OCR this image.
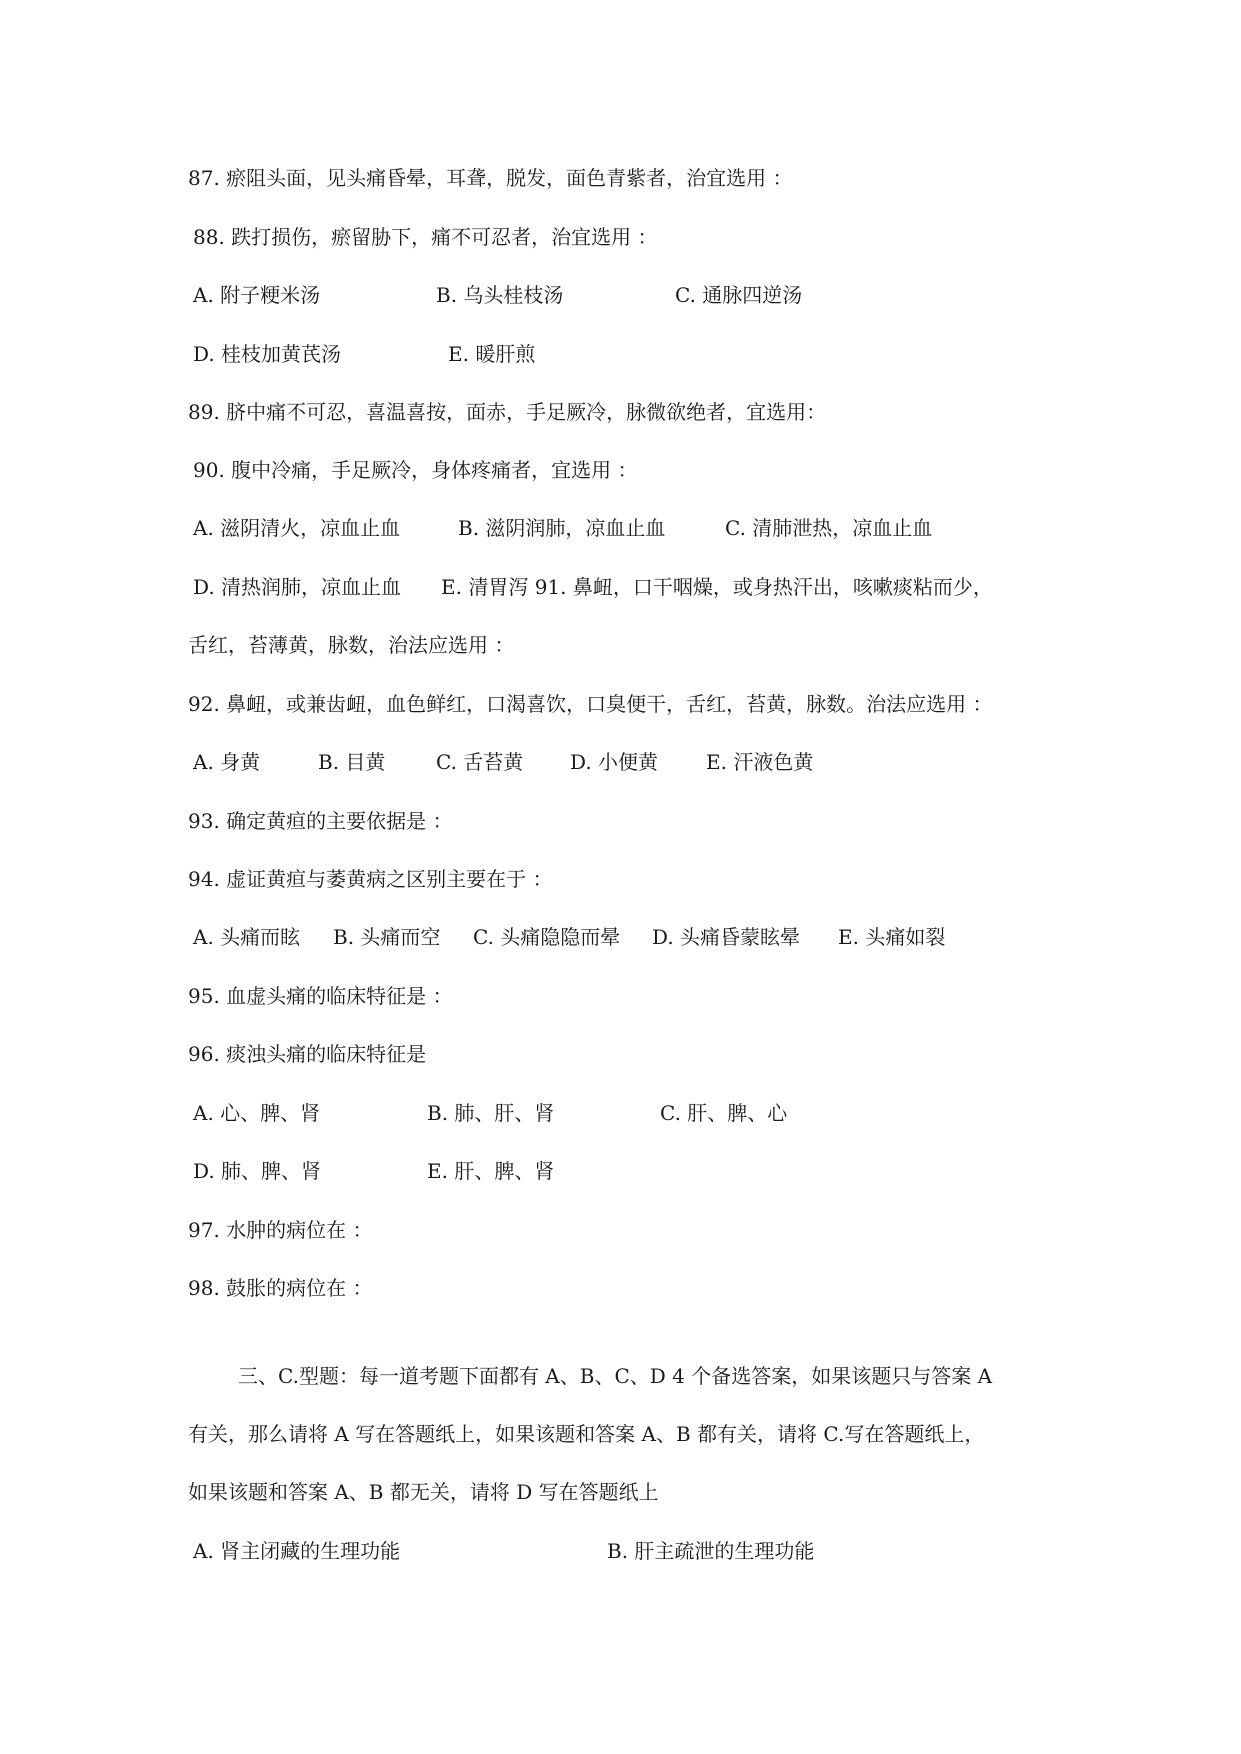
87. 瘀阻头面，见头痛昏晕，耳聋，脱发，面色青紫者，治宜选用 ：
88. 跌打损伤，瘀留胁下，痛不可忍者，治宜选用 ：
A. 附子粳米汤	B. 乌头桂枝汤	C. 通脉四逆汤
D. 桂枝加黄芪汤	E. 暖肝煎
89. 脐中痛不可忍，喜温喜按，面赤，手足厥冷，脉微欲绝者，宜选用：
90. 腹中冷痛，手足厥冷，身体疼痛者，宜选用 ：
A. 滋阴清火，凉血止血	B. 滋阴润肺，凉血止血	C. 清肺泄热，凉血止血
D. 清热润肺，凉血止血　　E. 清胃泻 91. 鼻衄，口干咽燥，或身热汗出，咳嗽痰粘而少，
舌红，苔薄黄，脉数，治法应选用 ：
92. 鼻衄，或兼齿衄，血色鲜红，口渴喜饮，口臭便干，舌红，苔黄，脉数。治法应选用 ：
A. 身黄	B. 目黄	C. 舌苔黄 D. 小便黄 E. 汗液色黄
93. 确定黄疸的主要依据是 ：
94. 虚证黄疸与萎黄病之区别主要在于 ：
A. 头痛而眩 B. 头痛而空 C. 头痛隐隐而晕 D. 头痛昏蒙眩晕 E. 头痛如裂
95. 血虚头痛的临床特征是 ：
96. 痰浊头痛的临床特征是
A. 心、脾、肾	B. 肺、肝、肾	C. 肝、脾、心
D. 肺、脾、肾	E. 肝、脾、肾
97. 水肿的病位在 ：
98. 鼓胀的病位在 ：
三、C.型题：每一道考题下面都有 A、B、C、D 4 个备选答案，如果该题只与答案 A
有关，那么请将 A 写在答题纸上，如果该题和答案 A、B 都有关，请将 C.写在答题纸上，
如果该题和答案 A、B 都无关，请将 D 写在答题纸上
A. 肾主闭藏的生理功能	B. 肝主疏泄的生理功能
